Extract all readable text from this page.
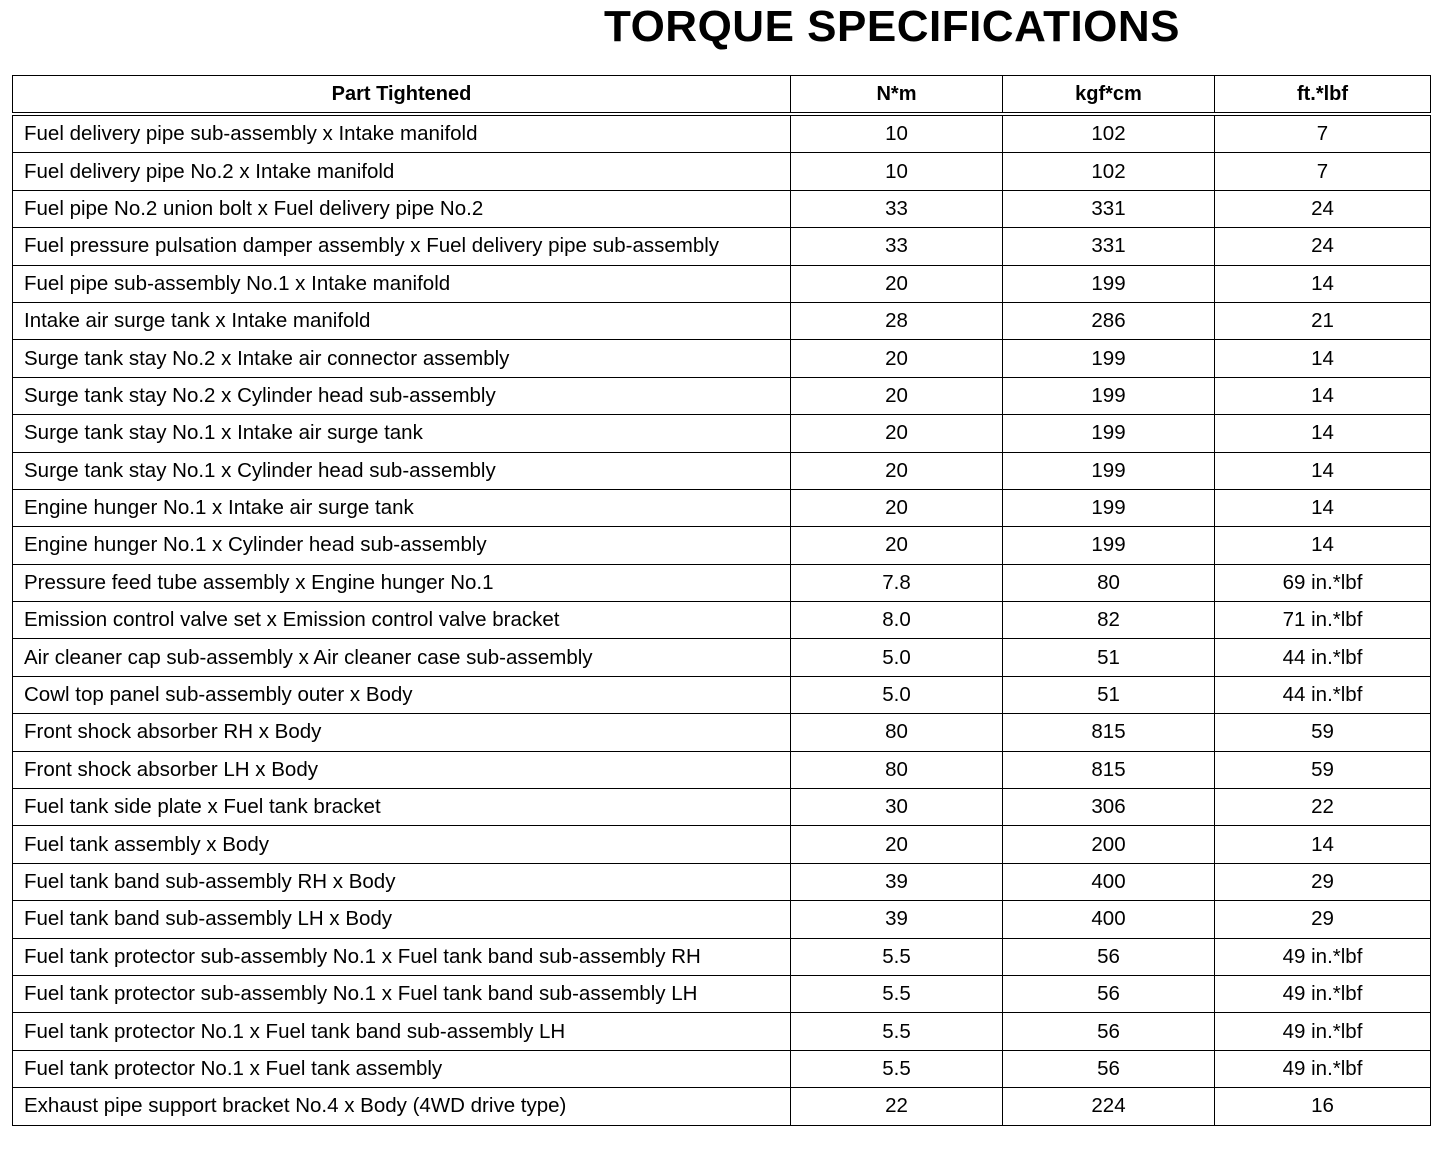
TORQUE SPECIFICATIONS
Part Tightened	N*m	kgf*cm	ft.*lbf
Fuel delivery pipe sub-assembly x Intake manifold	10	102	7
Fuel delivery pipe No.2 x Intake manifold	10	102	7
Fuel pipe No.2 union bolt x Fuel delivery pipe No.2	33	331	24
Fuel pressure pulsation damper assembly x Fuel delivery pipe sub-assembly	33	331	24
Fuel pipe sub-assembly No.1 x Intake manifold	20	199	14
Intake air surge tank x Intake manifold	28	286	21
Surge tank stay No.2 x Intake air connector assembly	20	199	14
Surge tank stay No.2 x Cylinder head sub-assembly	20	199	14
Surge tank stay No.1 x Intake air surge tank	20	199	14
Surge tank stay No.1 x Cylinder head sub-assembly	20	199	14
Engine hunger No.1 x Intake air surge tank	20	199	14
Engine hunger No.1 x Cylinder head sub-assembly	20	199	14
Pressure feed tube assembly x Engine hunger No.1	7.8	80	69 in.*lbf
Emission control valve set x Emission control valve bracket	8.0	82	71 in.*lbf
Air cleaner cap sub-assembly x Air cleaner case sub-assembly	5.0	51	44 in.*lbf
Cowl top panel sub-assembly outer x Body	5.0	51	44 in.*lbf
Front shock absorber RH x Body	80	815	59
Front shock absorber LH x Body	80	815	59
Fuel tank side plate x Fuel tank bracket	30	306	22
Fuel tank assembly x Body	20	200	14
Fuel tank band sub-assembly RH x Body	39	400	29
Fuel tank band sub-assembly LH x Body	39	400	29
Fuel tank protector sub-assembly No.1 x Fuel tank band sub-assembly RH	5.5	56	49 in.*lbf
Fuel tank protector sub-assembly No.1 x Fuel tank band sub-assembly LH	5.5	56	49 in.*lbf
Fuel tank protector No.1 x Fuel tank band sub-assembly LH	5.5	56	49 in.*lbf
Fuel tank protector No.1 x Fuel tank assembly	5.5	56	49 in.*lbf
Exhaust pipe support bracket No.4 x Body (4WD drive type)	22	224	16
